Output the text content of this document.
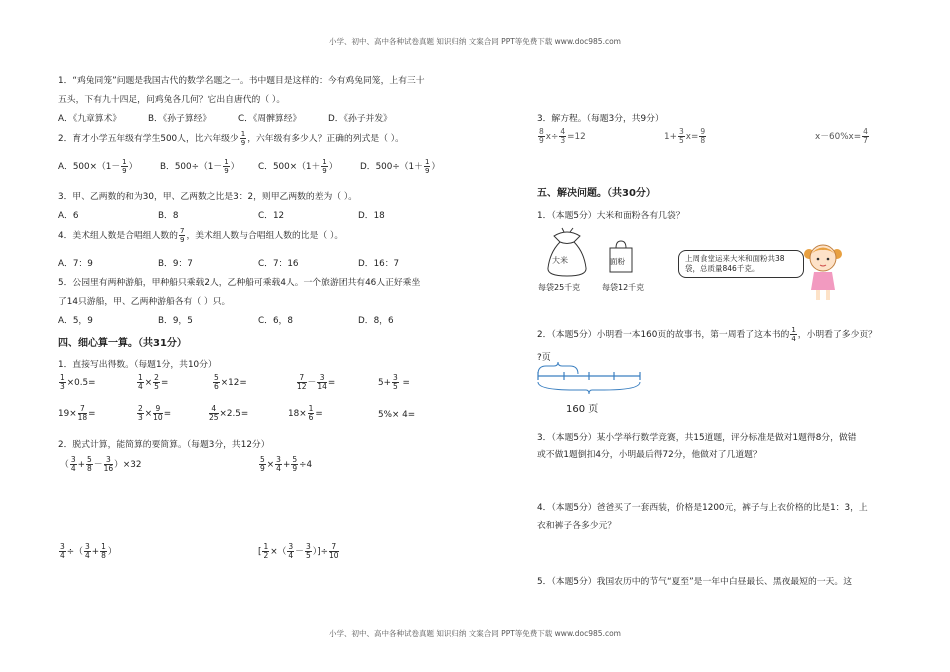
小学、初中、高中各种试卷真题 知识归纳 文案合同 PPT等免费下载 www.doc985.com
1．“鸡兔同笼”问题是我国古代的数学名题之一。书中题目是这样的：今有鸡兔同笼，上有三十
五头，下有九十四足，问鸡兔各几何？它出自唐代的（ ）。
A．《九章算术》	B．《孙子算经》	C．《周髀算经》	D．《孙子并发》
2．育才小学五年级有学生500人，比六年级少 $\frac{1}{9}$ ，六年级有多少人？正确的列式是（ ）。
A．$500\times(1- \frac{1}{9}$ ）	B．$500\div(1- \frac{1}{9}$ ） C．$500\times(1+ \frac{1}{9}$ ）	D．$500\div(1+ \frac{1}{9}$ ）
3．甲、乙两数的和为30，甲、乙两数之比是3：2，则甲乙两数的差为（ ）。
A．6	B．8	C．12	D．18
4．美术组人数是合唱组人数的 $\frac{7}{9}$ ，美术组人数与合唱组人数的比是（ ）。
A．7：9	B．9：7	C．7：16	D．16：7
5．公园里有两种游船，甲种船只乘载2人，乙种船可乘载4人。一个旅游团共有46人正好乘坐
了14只游船，甲、乙两种游船各有（ ）只。
A．5，9	B．9，5	C．6，8	D．8，6
四、细心算一算。（共31分）
1．直接写出得数。（每题1分，共10分）
$\frac{1}{3} \times 0.5=$	$\frac{1}{4} \times \frac{2}{5}$ =	$\frac{5}{6} \times 12=$	$\frac{7}{12} - \frac{3}{14}$ =	$5+ \frac{3}{5}$ =
$19\times \frac{7}{18}$ =	$\frac{2}{3} \times \frac{9}{10}$ =	$\frac{4}{25} \times 2.5=$	$18\times \frac{1}{6}$ =	5%× 4=
2．脱式计算，能简算的要简算。（每题3分，共12分）
（ $\frac{3}{4} + \frac{5}{8} - \frac{3}{16} )\times 32$	$\frac{5}{9} \times \frac{3}{4} + \frac{5}{9} \div 4$
$\frac{3}{4}$ ÷（ $\frac{3}{4} + \frac{1}{8}$ ）	[ $\frac{1}{2}$ ×（ $\frac{3}{4} - \frac{3}{5}$ ）]÷ $\frac{7}{10}$
3．解方程。（每题3分，共9分）
$\frac{8}{9} x\div \frac{4}{3} =12$	$1+ \frac{3}{5} x= \frac{9}{8}$	$x-60\%x= \frac{4}{7}$
五、解决问题。（共30分）
1．（本题5分）大米和面粉各有几袋？
大米
每袋25千克
面粉
每袋12千克
上周食堂运来大米和面粉共38袋，总质量846千克。
2．（本题5分）小明看一本160页的故事书，第一周看了这本书的 $\frac{1}{4}$ ，小明看了多少页？
?页
160 页
3．（本题5分）某小学举行数学竞赛，共15道题，评分标准是做对1题得8分，做错
或不做1题倒扣4分，小明最后得72分，他做对了几道题？
4．（本题5分）爸爸买了一套西装，价格是1200元，裤子与上衣价格的比是1：3，上
衣和裤子各多少元？
5．（本题5分）我国农历中的节气“夏至”是一年中白昼最长、黑夜最短的一天。这
小学、初中、高中各种试卷真题 知识归纳 文案合同 PPT等免费下载 www.doc985.com
